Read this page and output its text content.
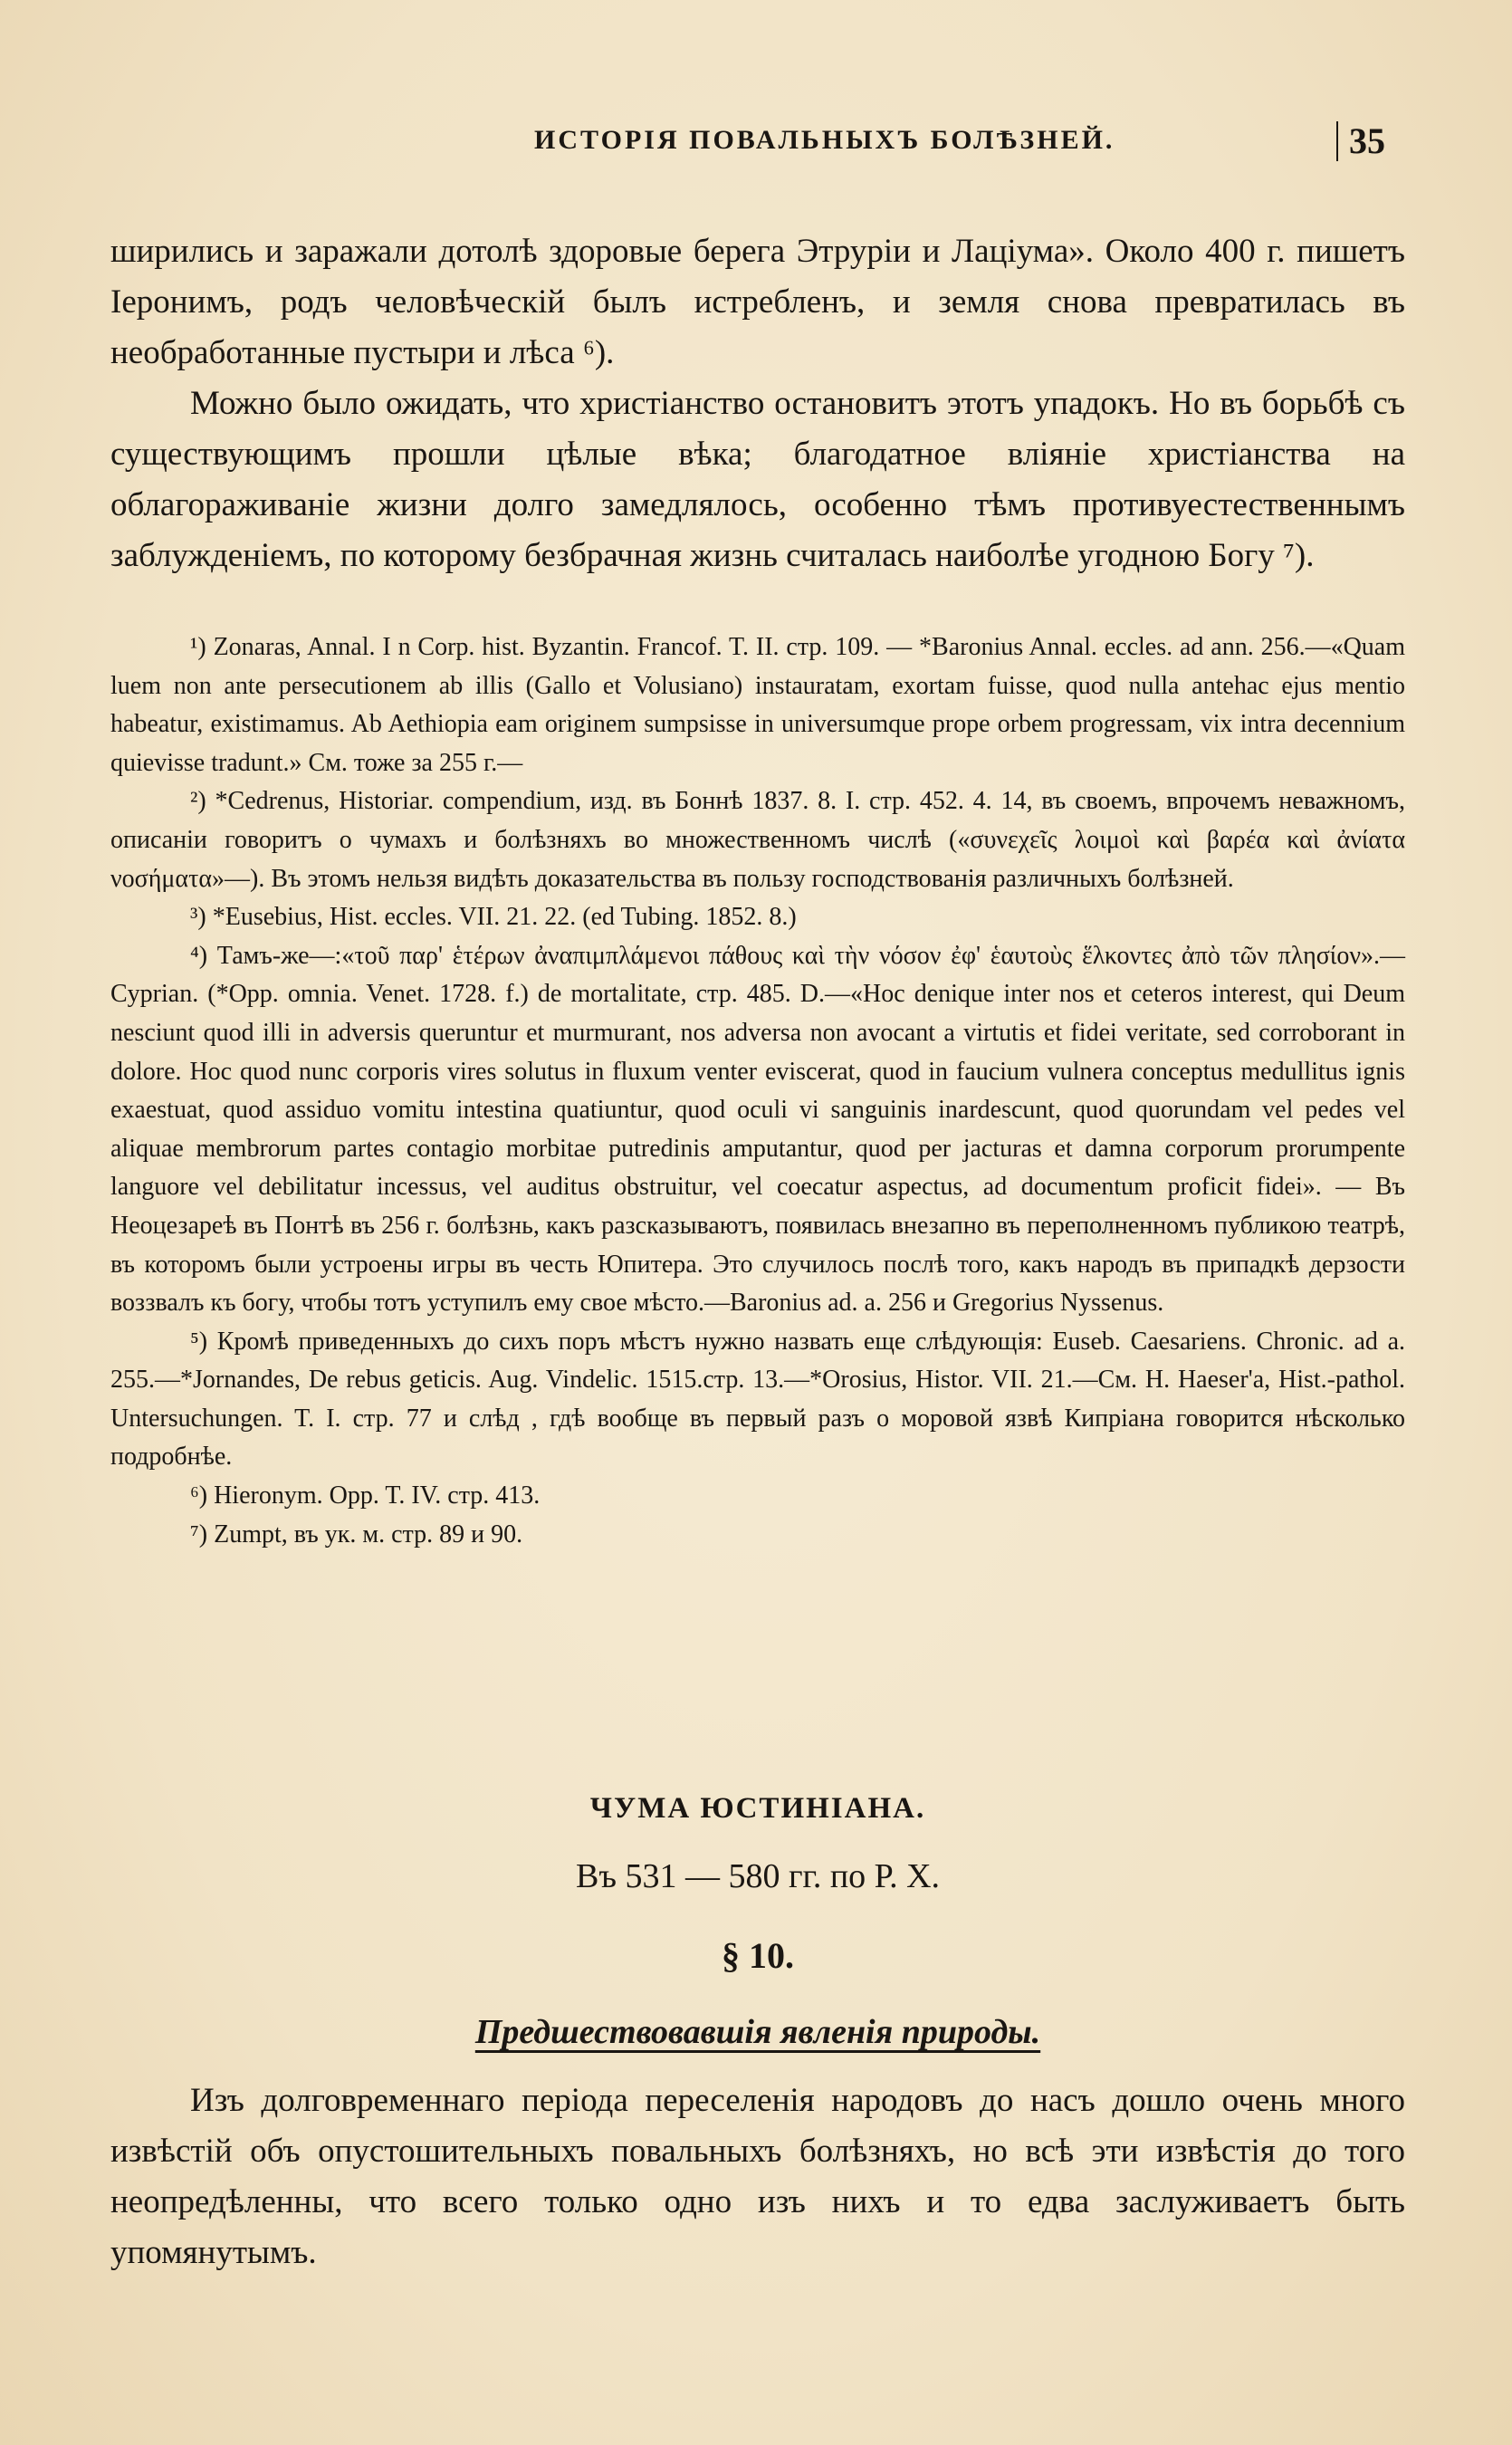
ИСТОРІЯ ПОВАЛЬНЫХЪ БОЛѢЗНЕЙ.	35

ширились и заражали дотолѣ здоровые берега Этруріи и Лаціума». Около 400 г. пишетъ Іеронимъ, родъ человѣческій былъ истребленъ, и земля снова превратилась въ необработанные пустыри и лѣса ⁶).

Можно было ожидать, что христіанство остановитъ этотъ упадокъ. Но въ борьбѣ съ существующимъ прошли цѣлые вѣка; благодатное вліяніе христіанства на облагораживаніе жизни долго замедлялось, особенно тѣмъ противуестественнымъ заблужденіемъ, по которому безбрачная жизнь считалась наиболѣе угодною Богу ⁷).

¹) Zonaras, Annal. I n Corp. hist. Byzantin. Francof. T. II. стр. 109. — *Baronius Annal. eccles. ad ann. 256.—«Quam luem non ante persecutionem ab illis (Gallo et Volusiano) instauratam, exortam fuisse, quod nulla antehac ejus mentio habeatur, existimamus. Ab Aethiopia eam originem sumpsisse in universumque prope orbem progressam, vix intra decennium quievisse tradunt.» См. тоже за 255 г.—

²) *Cedrenus, Historiar. compendium, изд. въ Боннѣ 1837. 8. I. стр. 452. 4. 14, въ своемъ, впрочемъ неважномъ, описаніи говоритъ о чумахъ и болѣзняхъ во множественномъ числѣ («συνεχεῖς λοιμοὶ καὶ βαρέα καὶ ἀνίατα νοσήματα»—). Въ этомъ нельзя видѣть доказательства въ пользу господствованія различныхъ болѣзней.

³) *Eusebius, Hist. eccles. VII. 21. 22. (ed Tubing. 1852. 8.)

⁴) Тамъ-же—:«τοῦ παρ' ἑτέρων ἀναπιμπλάμενοι πάθους καὶ τὴν νόσον ἐφ' ἑαυτοὺς ἕλκοντες ἀπὸ τῶν πλησίον».—Cyprian. (*Opp. omnia. Venet. 1728. f.) de mortalitate, стр. 485. D.—«Hoc denique inter nos et ceteros interest, qui Deum nesciunt quod illi in adversis queruntur et murmurant, nos adversa non avocant a virtutis et fidei veritate, sed corroborant in dolore. Hoc quod nunc corporis vires solutus in fluxum venter eviscerat, quod in faucium vulnera conceptus medullitus ignis exaestuat, quod assiduo vomitu intestina quatiuntur, quod oculi vi sanguinis inardescunt, quod quorundam vel pedes vel aliquae membrorum partes contagio morbitae putredinis amputantur, quod per jacturas et damna corporum prorumpente languore vel debilitatur incessus, vel auditus obstruitur, vel coecatur aspectus, ad documentum proficit fidei». — Въ Неоцезареѣ въ Понтѣ въ 256 г. болѣзнь, какъ разсказываютъ, появилась внезапно въ переполненномъ публикою театрѣ, въ которомъ были устроены игры въ честь Юпитера. Это случилось послѣ того, какъ народъ въ припадкѣ дерзости воззвалъ къ богу, чтобы тотъ уступилъ ему свое мѣсто.—Baronius ad. a. 256 и Gregorius Nyssenus.

⁵) Кромѣ приведенныхъ до сихъ поръ мѣстъ нужно назвать еще слѣдующія: Euseb. Caesariens. Chronic. ad a. 255.—*Jornandes, De rebus geticis. Aug. Vindelic. 1515.стр. 13.—*Orosius, Histor. VII. 21.—См. H. Haeser'a, Hist.-pathol. Untersuchungen. T. I. стр. 77 и слѣд , гдѣ вообще въ первый разъ о моровой язвѣ Кипріана говорится нѣсколько подробнѣе.

⁶) Hieronym. Opp. T. IV. стр. 413.

⁷) Zumpt, въ ук. м. стр. 89 и 90.

ЧУМА ЮСТИНІАНА.
Въ 531 — 580 гг. по Р. Х.
§ 10.
Предшествовавшія явленія природы.
Изъ долговременнаго періода переселенія народовъ до насъ дошло очень много извѣстій объ опустошительныхъ повальныхъ болѣзняхъ, но всѣ эти извѣстія до того неопредѣленны, что всего только одно изъ нихъ и то едва заслуживаетъ быть упомянутымъ.
